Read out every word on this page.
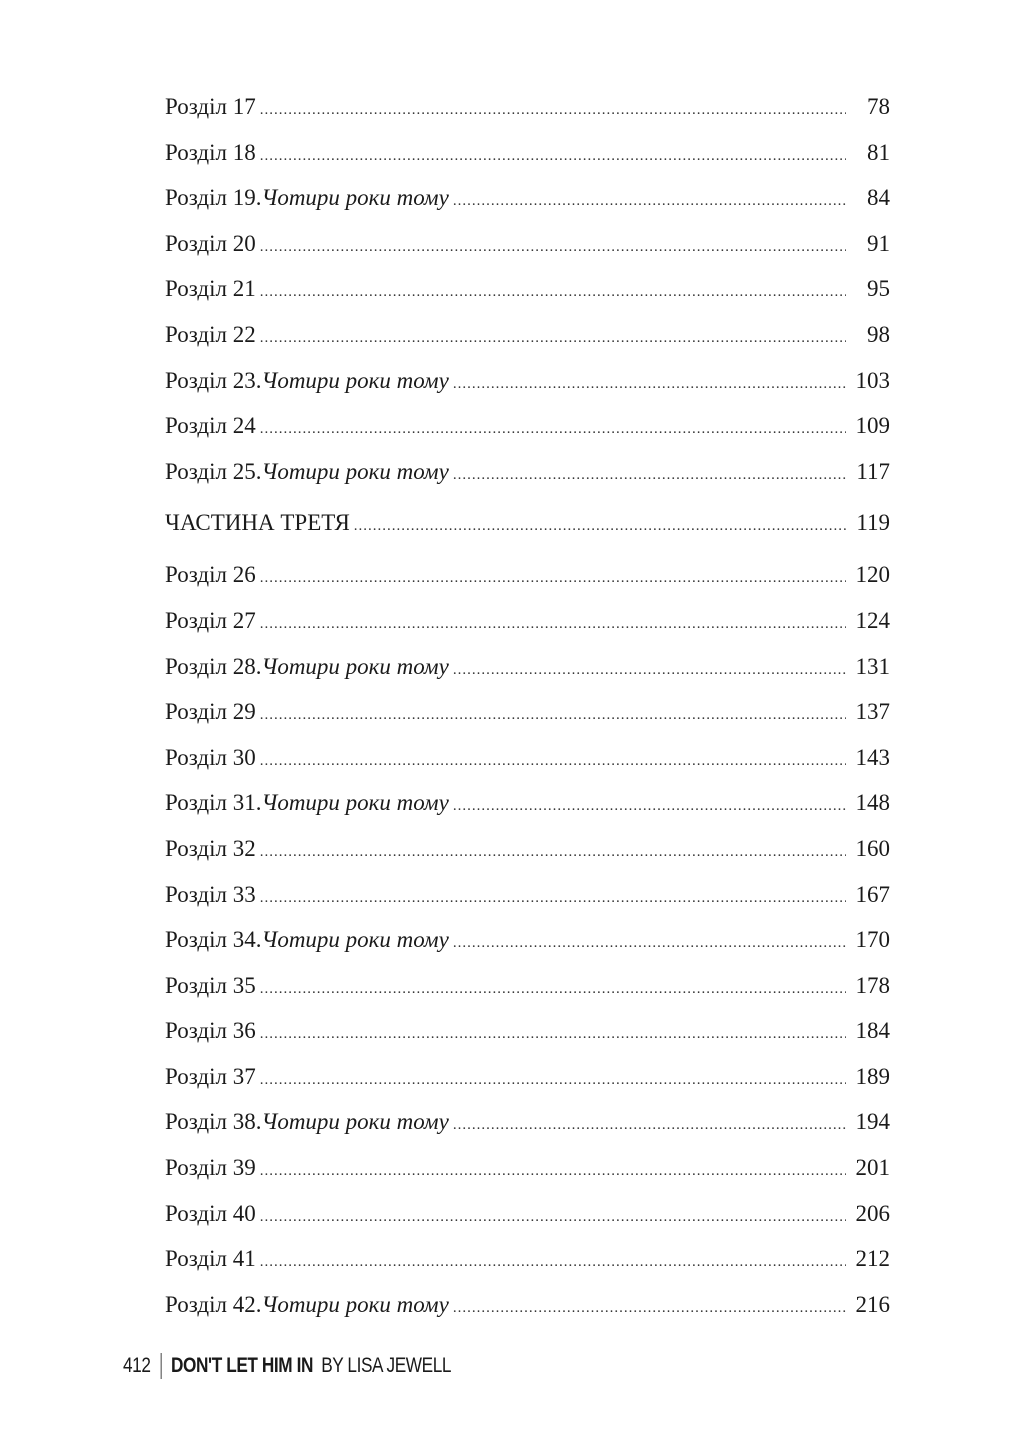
Розділ 17 .....	78
Розділ 18 .....	81
Розділ 19. Чотири роки тому .....	84
Розділ 20 .....	91
Розділ 21 .....	95
Розділ 22 .....	98
Розділ 23. Чотири роки тому .....	103
Розділ 24 .....	109
Розділ 25. Чотири роки тому .....	117
ЧАСТИНА ТРЕТЯ .....	119
Розділ 26 .....	120
Розділ 27 .....	124
Розділ 28. Чотири роки тому .....	131
Розділ 29 .....	137
Розділ 30 .....	143
Розділ 31. Чотири роки тому .....	148
Розділ 32 .....	160
Розділ 33 .....	167
Розділ 34. Чотири роки тому .....	170
Розділ 35 .....	178
Розділ 36 .....	184
Розділ 37 .....	189
Розділ 38. Чотири роки тому .....	194
Розділ 39 .....	201
Розділ 40 .....	206
Розділ 41 .....	212
Розділ 42. Чотири роки тому .....	216
412 DON'T LET HIM IN BY LISA JEWELL
